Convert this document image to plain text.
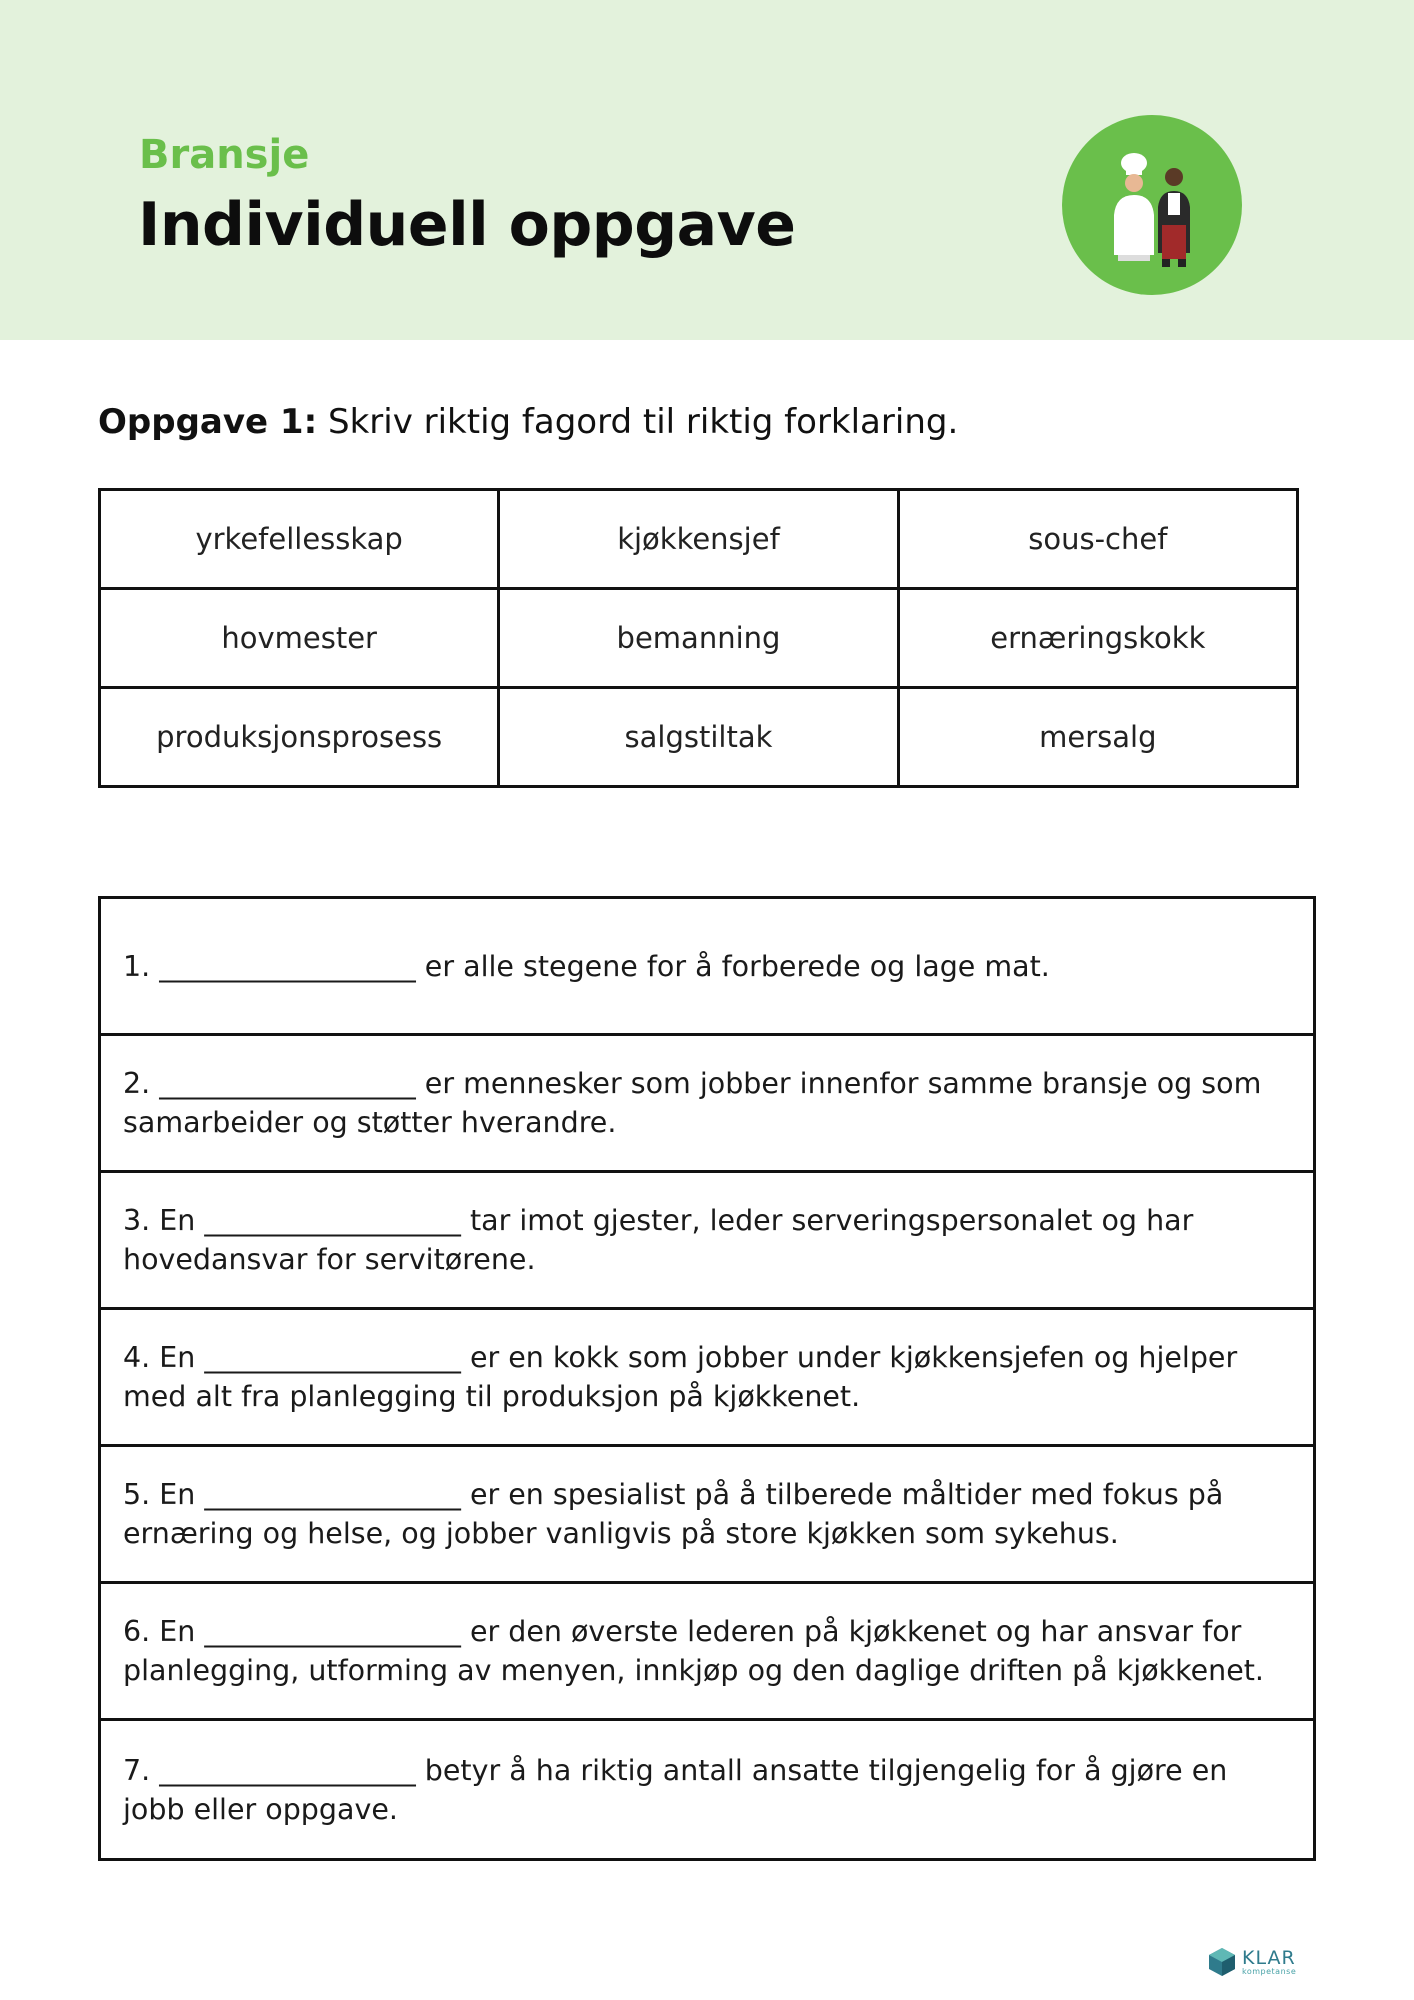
Bransje
Individuell oppgave
Oppgave 1: Skriv riktig fagord til riktig forklaring.
yrkefellesskap	kjøkkensjef	sous-chef
hovmester	bemanning	ernæringskokk
produksjonsprosess	salgstiltak	mersalg
1. __________________ er alle stegene for å forberede og lage mat.
2. __________________ er mennesker som jobber innenfor samme bransje og som samarbeider og støtter hverandre.
3. En __________________ tar imot gjester, leder serveringspersonalet og har hovedansvar for servitørene.
4. En __________________ er en kokk som jobber under kjøkkensjefen og hjelper med alt fra planlegging til produksjon på kjøkkenet.
5. En __________________ er en spesialist på å tilberede måltider med fokus på ernæring og helse, og jobber vanligvis på store kjøkken som sykehus.
6. En __________________ er den øverste lederen på kjøkkenet og har ansvar for planlegging, utforming av menyen, innkjøp og den daglige driften på kjøkkenet.
7. __________________ betyr å ha riktig antall ansatte tilgjengelig for å gjøre en jobb eller oppgave.
KLAR
kompetanse
